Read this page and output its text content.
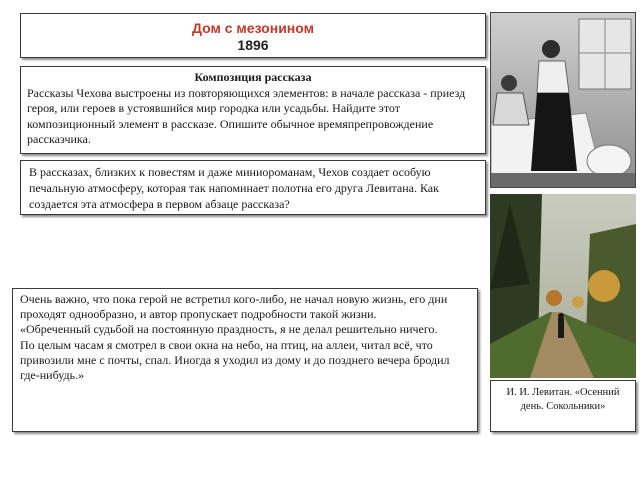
Дом с мезонином
1896
Композиция рассказа
Рассказы Чехова выстроены из повторяющихся элементов: в начале рассказа - приезд героя, или героев в устоявшийся мир городка или усадьбы. Найдите этот композиционный элемент в рассказе. Опишите обычное времяпрепровождение рассказчика.
В рассказах, близких к повестям и даже миниороманам, Чехов создает особую печальную атмосферу, которая так напоминает полотна его друга Левитана. Как создается эта атмосфера в первом абзаце рассказа?
Очень важно, что пока герой не встретил кого-либо, не начал новую жизнь, его дни проходят однообразно, и автор пропускает подробности такой жизни.
«Обреченный судьбой на постоянную праздность, я не делал решительно ничего.
По целым часам я смотрел в свои окна на небо, на птиц, на аллеи, читал всё, что привозили мне с почты, спал. Иногда я уходил из дому и до позднего вечера бродил где-нибудь.»
И. И. Левитан. «Осенний день. Сокольники»
